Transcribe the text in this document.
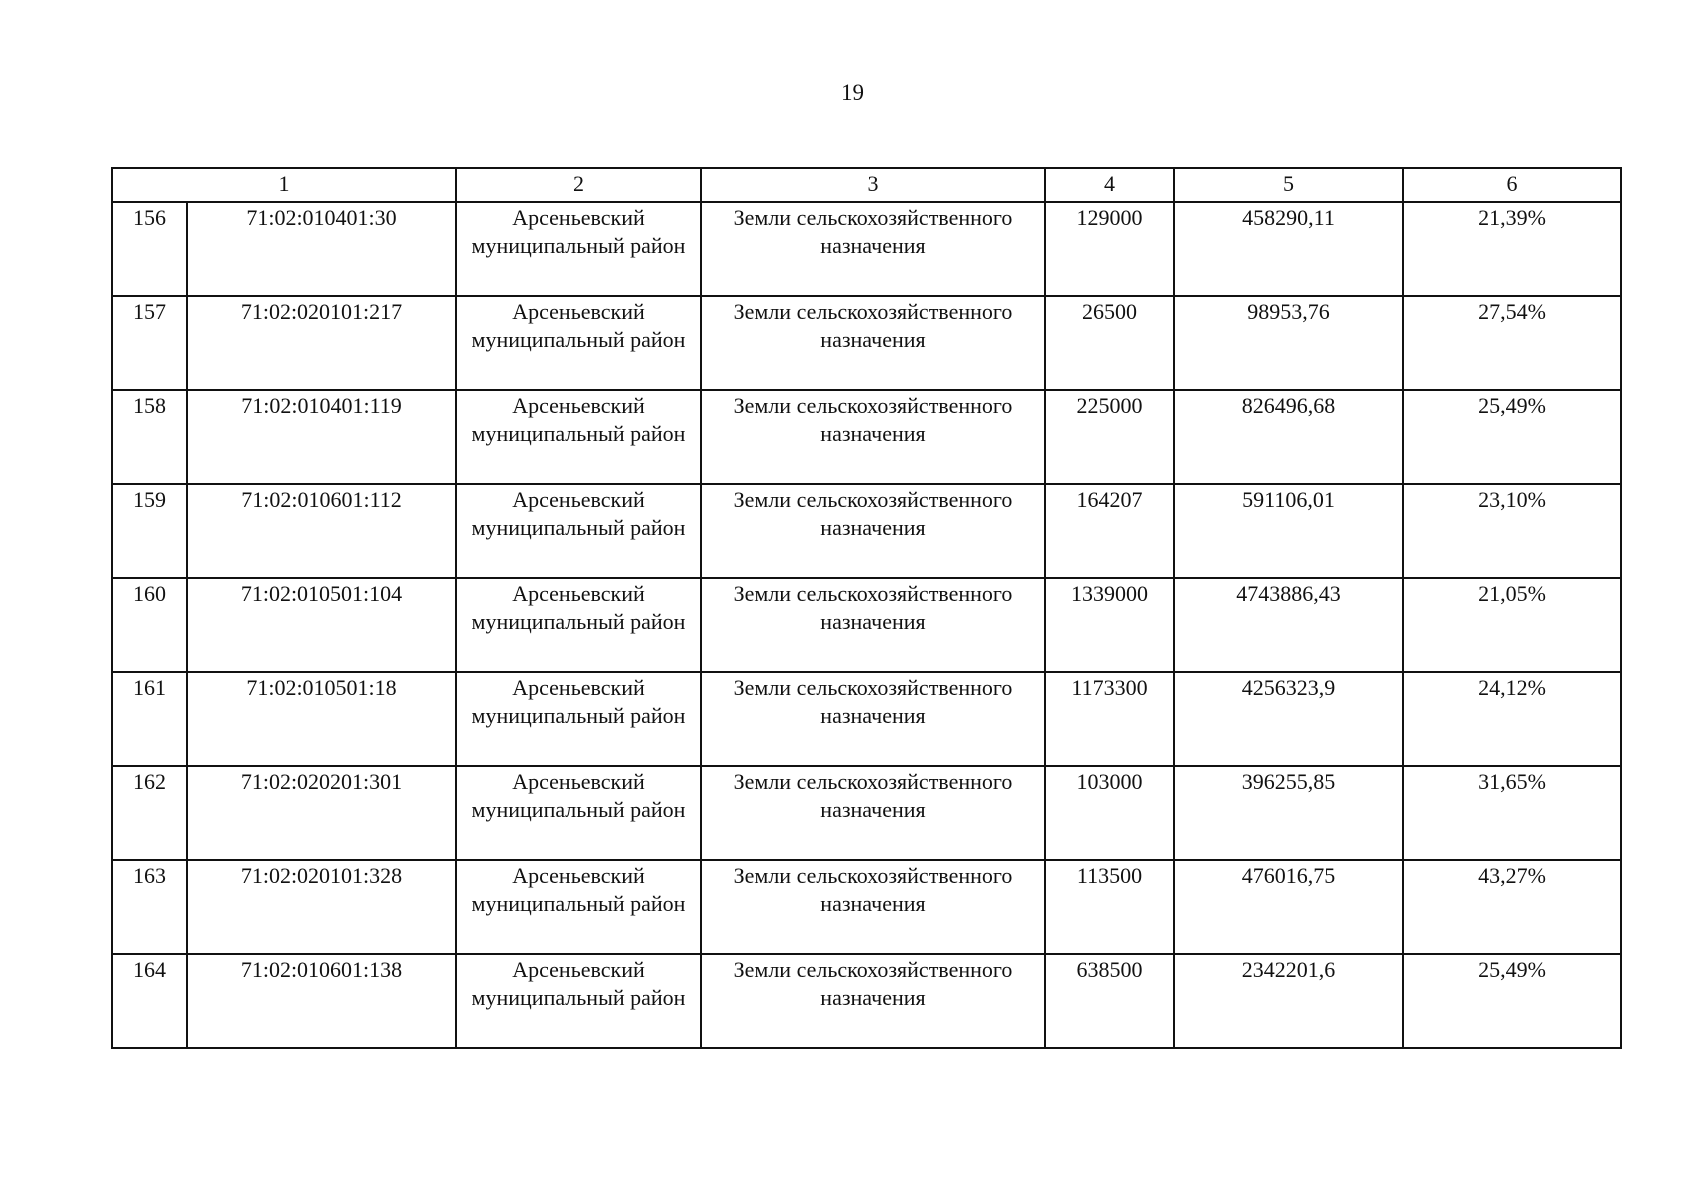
19
1		2	3	4	5	6
156	71:02:010401:30	Арсеньевский муниципальный район	Земли сельскохозяйственного назначения	129000	458290,11	21,39%
157	71:02:020101:217	Арсеньевский муниципальный район	Земли сельскохозяйственного назначения	26500	98953,76	27,54%
158	71:02:010401:119	Арсеньевский муниципальный район	Земли сельскохозяйственного назначения	225000	826496,68	25,49%
159	71:02:010601:112	Арсеньевский муниципальный район	Земли сельскохозяйственного назначения	164207	591106,01	23,10%
160	71:02:010501:104	Арсеньевский муниципальный район	Земли сельскохозяйственного назначения	1339000	4743886,43	21,05%
161	71:02:010501:18	Арсеньевский муниципальный район	Земли сельскохозяйственного назначения	1173300	4256323,9	24,12%
162	71:02:020201:301	Арсеньевский муниципальный район	Земли сельскохозяйственного назначения	103000	396255,85	31,65%
163	71:02:020101:328	Арсеньевский муниципальный район	Земли сельскохозяйственного назначения	113500	476016,75	43,27%
164	71:02:010601:138	Арсеньевский муниципальный район	Земли сельскохозяйственного назначения	638500	2342201,6	25,49%
